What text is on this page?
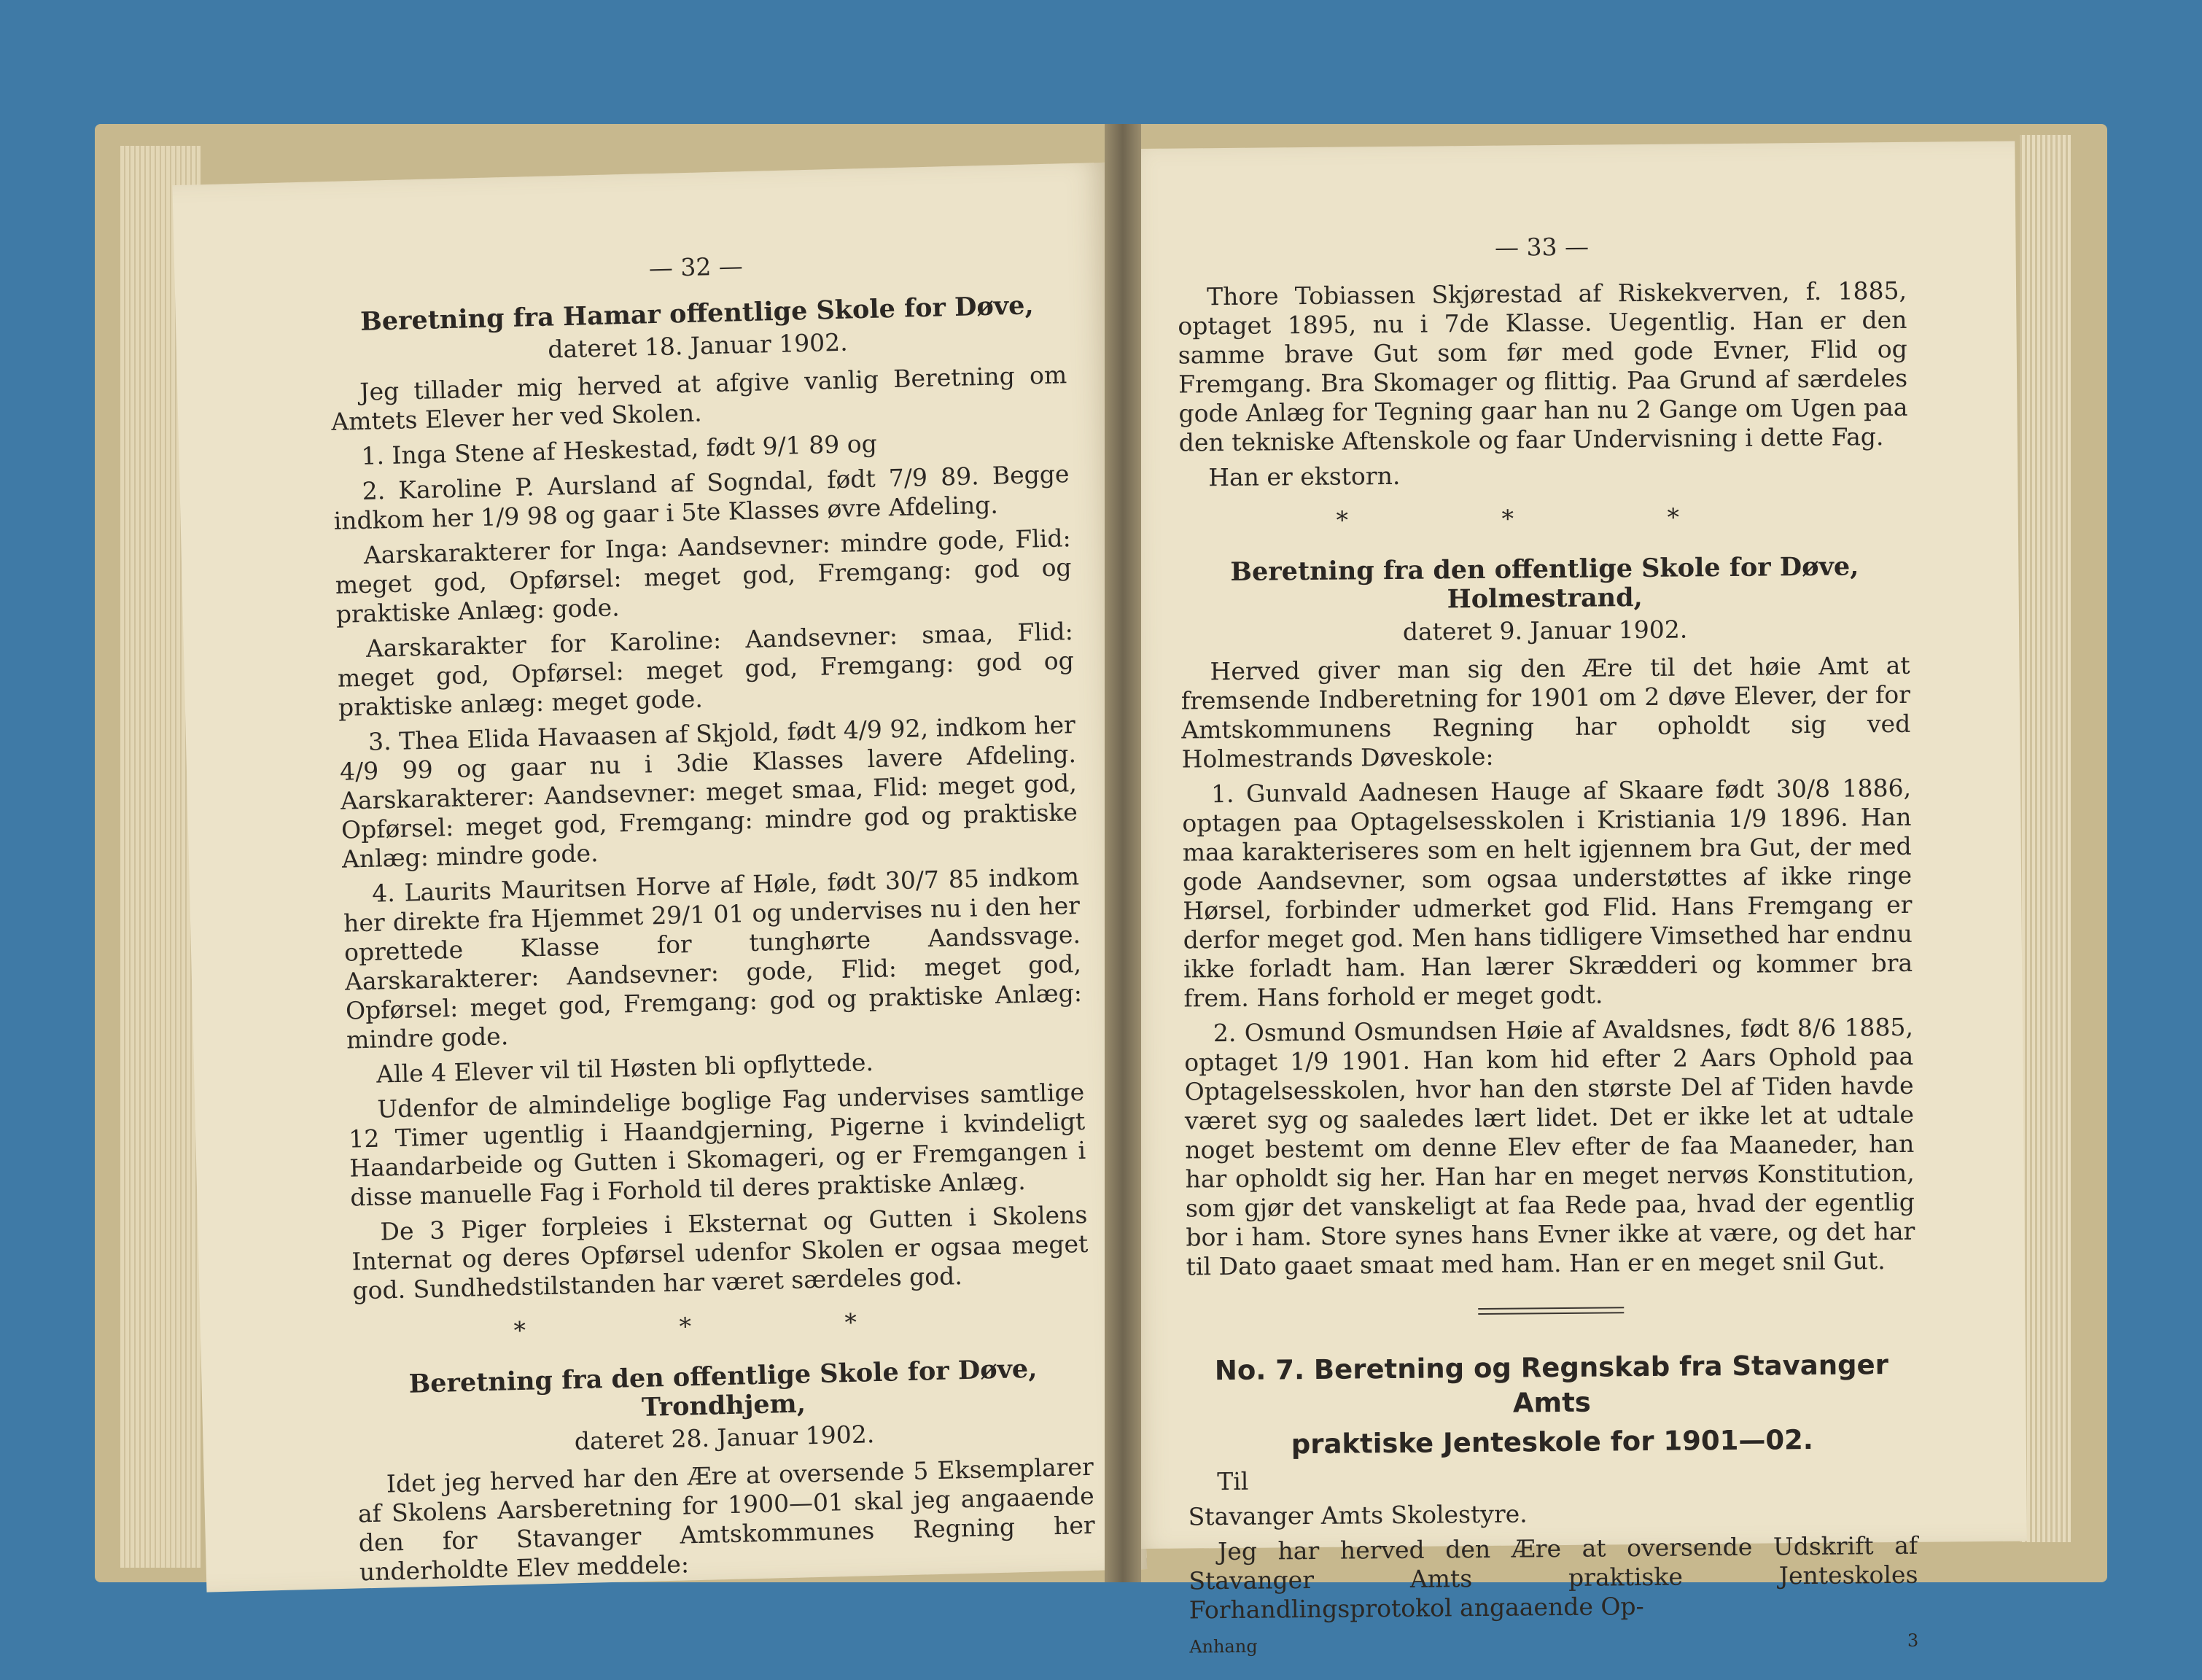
— 32 —
Beretning fra Hamar offentlige Skole for Døve,
dateret 18. Januar 1902.

Jeg tillader mig herved at afgive vanlig Beretning om Amtets Elever her ved Skolen.

1. Inga Stene af Heskestad, født 9/1 89 og

2. Karoline P. Aursland af Sogndal, født 7/9 89. Begge indkom her 1/9 98 og gaar i 5te Klasses øvre Afdeling.

Aarskarakterer for Inga: Aandsevner: mindre gode, Flid: meget god, Opførsel: meget god, Fremgang: god og praktiske Anlæg: gode.

Aarskarakter for Karoline: Aandsevner: smaa, Flid: meget god, Opførsel: meget god, Fremgang: god og praktiske anlæg: meget gode.

3. Thea Elida Havaasen af Skjold, født 4/9 92, indkom her 4/9 99 og gaar nu i 3die Klasses lavere Afdeling. Aarskarakterer: Aandsevner: meget smaa, Flid: meget god, Opførsel: meget god, Fremgang: mindre god og praktiske Anlæg: mindre gode.

4. Laurits Mauritsen Horve af Høle, født 30/7 85 indkom her direkte fra Hjemmet 29/1 01 og undervises nu i den her oprettede Klasse for tunghørte Aandssvage. Aarskarakterer: Aandsevner: gode, Flid: meget god, Opførsel: meget god, Fremgang: god og praktiske Anlæg: mindre gode.

Alle 4 Elever vil til Høsten bli opflyttede.

Udenfor de almindelige boglige Fag undervises samtlige 12 Timer ugentlig i Haandgjerning, Pigerne i kvindeligt Haandarbeide og Gutten i Skomageri, og er Fremgangen i disse manuelle Fag i Forhold til deres praktiske Anlæg.

De 3 Piger forpleies i Eksternat og Gutten i Skolens Internat og deres Opførsel udenfor Skolen er ogsaa meget god. Sundhedstilstanden har været særdeles god.

* * *
Beretning fra den offentlige Skole for Døve, Trondhjem,
dateret 28. Januar 1902.

Idet jeg herved har den Ære at oversende 5 Eksemplarer af Skolens Aarsberetning for 1900—01 skal jeg angaaende den for Stavanger Amtskommunes Regning her underholdte Elev meddele:

— 33 —

Thore Tobiassen Skjørestad af Riskekverven, f. 1885, optaget 1895, nu i 7de Klasse. Uegentlig. Han er den samme brave Gut som før med gode Evner, Flid og Fremgang. Bra Skomager og flittig. Paa Grund af særdeles gode Anlæg for Tegning gaar han nu 2 Gange om Ugen paa den tekniske Aftenskole og faar Undervisning i dette Fag.

Han er ekstorn.

* * *
Beretning fra den offentlige Skole for Døve, Holmestrand,
dateret 9. Januar 1902.

Herved giver man sig den Ære til det høie Amt at fremsende Indberetning for 1901 om 2 døve Elever, der for Amtskommunens Regning har opholdt sig ved Holmestrands Døveskole:

1. Gunvald Aadnesen Hauge af Skaare født 30/8 1886, optagen paa Optagelsesskolen i Kristiania 1/9 1896. Han maa karakteriseres som en helt igjennem bra Gut, der med gode Aandsevner, som ogsaa understøttes af ikke ringe Hørsel, forbinder udmerket god Flid. Hans Fremgang er derfor meget god. Men hans tidligere Vimsethed har endnu ikke forladt ham. Han lærer Skrædderi og kommer bra frem. Hans forhold er meget godt.

2. Osmund Osmundsen Høie af Avaldsnes, født 8/6 1885, optaget 1/9 1901. Han kom hid efter 2 Aars Ophold paa Optagelsesskolen, hvor han den største Del af Tiden havde været syg og saaledes lært lidet. Det er ikke let at udtale noget bestemt om denne Elev efter de faa Maaneder, han har opholdt sig her. Han har en meget nervøs Konstitution, som gjør det vanskeligt at faa Rede paa, hvad der egentlig bor i ham. Store synes hans Evner ikke at være, og det har til Dato gaaet smaat med ham. Han er en meget snil Gut.

No. 7. Beretning og Regnskab fra Stavanger Amts
praktiske Jenteskole for 1901—02.

Til

Stavanger Amts Skolestyre.

Jeg har herved den Ære at oversende Udskrift af Stavanger Amts praktiske Jenteskoles Forhandlingsprotokol angaaende Op-

Anhang	3
